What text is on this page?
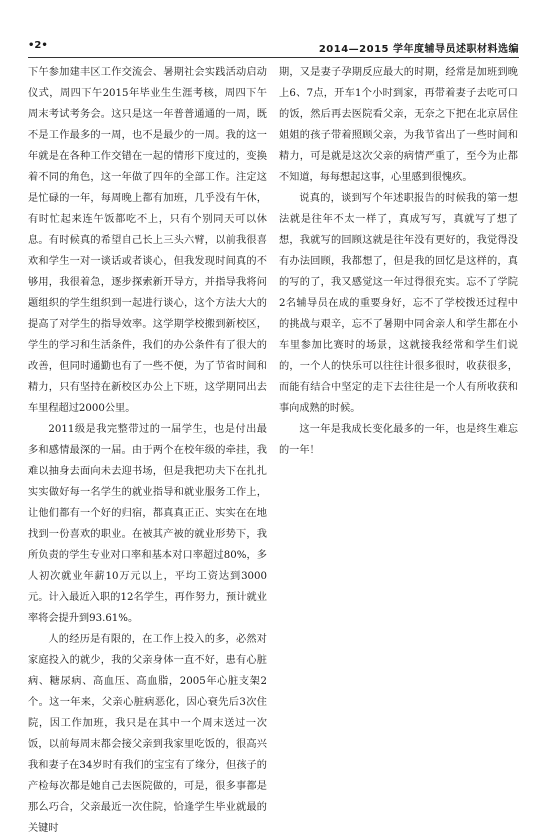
•2•	2014—2015 学年度辅导员述职材料选编

下午参加建丰区工作交流会、暑期社会实践活动启动仪式，周四下午2015年毕业生生涯考核，周四下午周末考试考务会。这只是这一年普普通通的一周，既不是工作最多的一周，也不是最少的一周。我的这一年就是在各种工作交错在一起的情形下度过的，变换着不同的角色，这一年做了四年的全部工作。注定这是忙碌的一年，每周晚上都有加班，几乎没有午休，有时忙起来连午饭都吃不上，只有个别同天可以休息。有时候真的希望自己长上三头六臂，以前我很喜欢和学生一对一谈话或者谈心，但我发现时间真的不够用，我很着急，逐步探索新开导方，并指导我将问题组织的学生组织到一起进行谈心，这个方法大大的提高了对学生的指导效率。这学期学校搬到新校区，学生的学习和生活条件，我们的办公条件有了很大的改善，但同时通勤也有了一些不便，为了节省时间和精力，只有坚持在新校区办公上下班，这学期同出去车里程超过2000公里。

2011级是我完整带过的一届学生，也是付出最多和感情最深的一届。由于两个在校年级的牵挂，我难以抽身去面向未去迎书场，但是我把功夫下在扎扎实实做好每一名学生的就业指导和就业服务工作上，让他们都有一个好的归宿，都真真正正、实实在在地找到一份喜欢的职业。在被其产被的就业形势下，我所负责的学生专业对口率和基本对口率超过80%，多人初次就业年薪10万元以上，平均工资达到3000元。计入最近入职的12名学生，再作努力，预计就业率将会提升到93.61%。

人的经历是有限的，在工作上投入的多，必然对家庭投入的就少，我的父亲身体一直不好，患有心脏病、糖尿病、高血压、高血脂，2005年心脏支架2个。这一年来，父亲心脏病恶化，因心衰先后3次住院，因工作加班，我只是在其中一个周末送过一次饭，以前每周末都会接父亲到我家里吃饭的，很高兴我和妻子在34岁时有我们的宝宝有了缘分，但孩子的产检每次都是她自己去医院做的，可是，很多事都是那么巧合，父亲最近一次住院，恰逢学生毕业就最的关键时

期，又是妻子孕期反应最大的时期，经常是加班到晚上6、7点，开车1个小时到家，再带着妻子去吃可口的饭，然后再去医院看父亲，无奈之下把在北京居住姐姐的孩子带着照顾父亲，为我节省出了一些时间和精力，可是就是这次父亲的病情严重了，至今为止都不知道，每每想起这事，心里感到很愧疚。

说真的，谈到写个年述职报告的时候我的第一想法就是往年不太一样了，真成写写，真就写了想了想，我就写的回顾这就是往年没有更好的，我觉得没有办法回顾，我都想了，但是我的回忆是这样的，真的写的了，我又感觉这一年过得很充实。忘不了学院2名辅导员在成的重要身好，忘不了学校拨还过程中的挑战与艰辛，忘不了暑期中同舍亲人和学生都在小车里参加比赛时的场景，这就接我经常和学生们说的，一个人的快乐可以往往计很多很时，收获很多，而能有结合中坚定的走下去往往是一个人有所收获和事向成熟的时候。

这一年是我成长变化最多的一年，也是终生难忘的一年！
